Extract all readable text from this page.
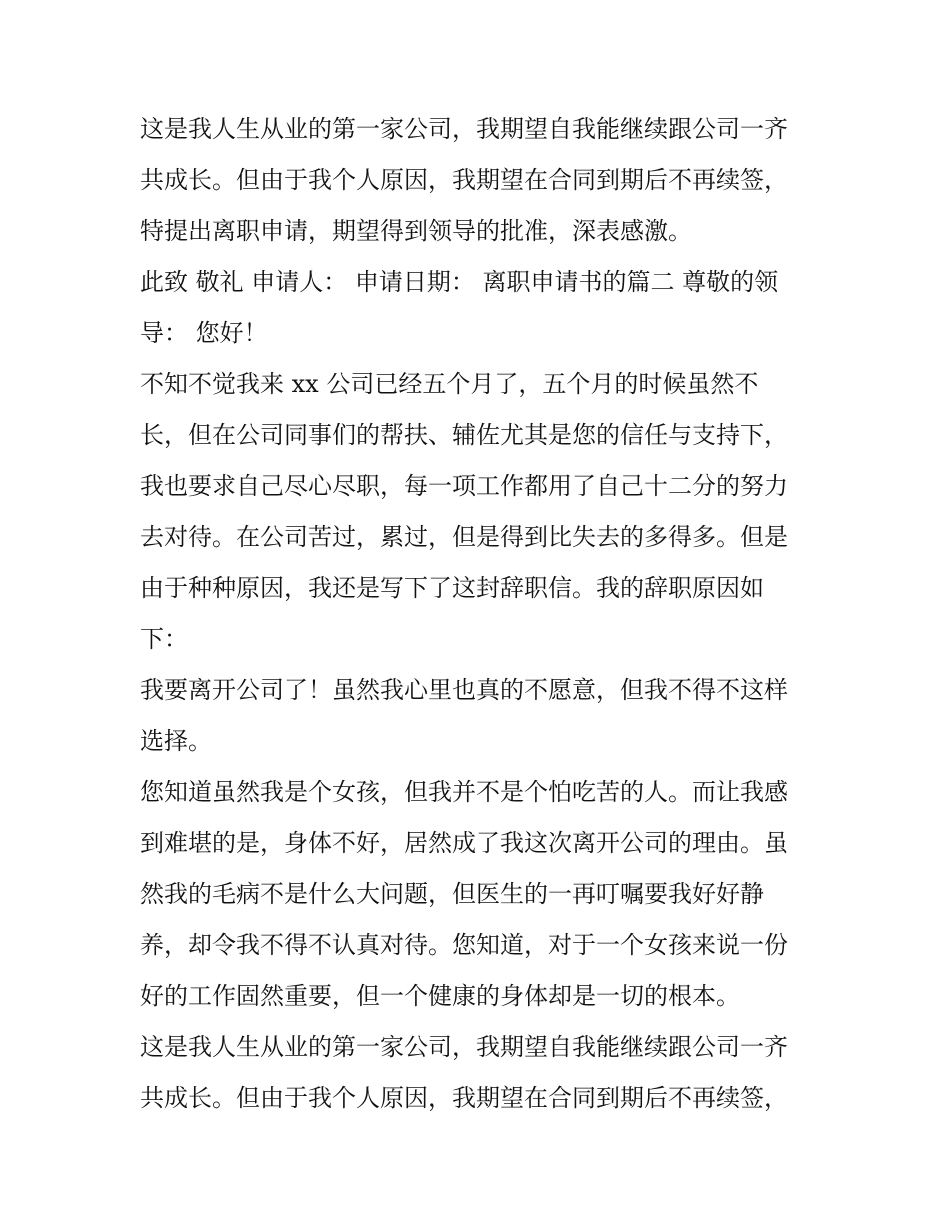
这是我人生从业的第一家公司，我期望自我能继续跟公司一齐
共成长。但由于我个人原因，我期望在合同到期后不再续签，
特提出离职申请，期望得到领导的批准，深表感激。
此致 敬礼 申请人： 申请日期： 离职申请书的篇二 尊敬的领
导： 您好！
不知不觉我来 xx 公司已经五个月了，五个月的时候虽然不
长，但在公司同事们的帮扶、辅佐尤其是您的信任与支持下，
我也要求自己尽心尽职，每一项工作都用了自己十二分的努力
去对待。在公司苦过，累过，但是得到比失去的多得多。但是
由于种种原因，我还是写下了这封辞职信。我的辞职原因如
下：
我要离开公司了！虽然我心里也真的不愿意，但我不得不这样
选择。
您知道虽然我是个女孩，但我并不是个怕吃苦的人。而让我感
到难堪的是，身体不好，居然成了我这次离开公司的理由。虽
然我的毛病不是什么大问题，但医生的一再叮嘱要我好好静
养，却令我不得不认真对待。您知道，对于一个女孩来说一份
好的工作固然重要，但一个健康的身体却是一切的根本。
这是我人生从业的第一家公司，我期望自我能继续跟公司一齐
共成长。但由于我个人原因，我期望在合同到期后不再续签，
